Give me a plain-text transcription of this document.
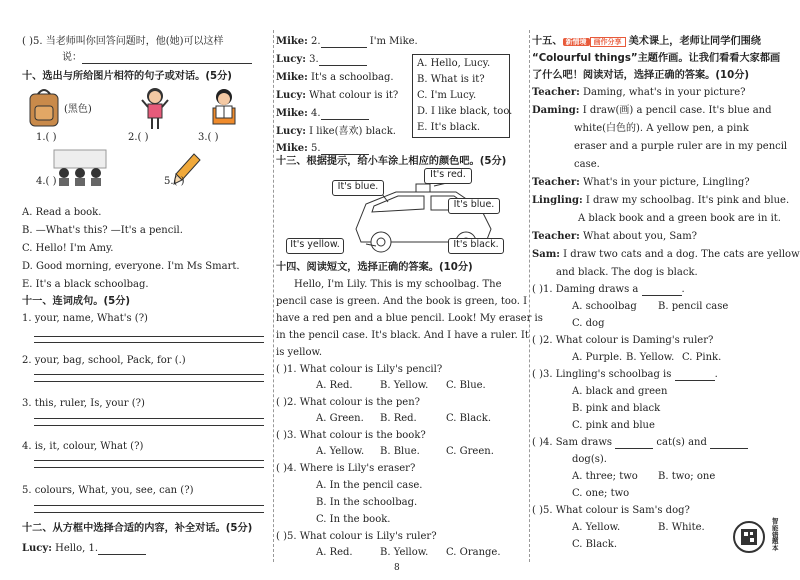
( )5. 当老师叫你回答问题时，他(她)可以这样
说：
十、选出与所给图片相符的句子或对话。(5分)
(黑色)
1.( )	2.( )	3.( )
4.( )	5.( )
A. Read a book.
B. —What's this? —It's a pencil.
C. Hello! I'm Amy.
D. Good morning, everyone. I'm Ms Smart.
E. It's a black schoolbag.
十一、连词成句。(5分)
1. your, name, What's (?)
2. your, bag, school, Pack, for (.)
3. this, ruler, Is, your (?)
4. is, it, colour, What (?)
5. colours, What, you, see, can (?)
十二、从方框中选择合适的内容，补全对话。(5分)
Lucy: Hello, 1.
Mike: 2.	I'm Mike.
Lucy: 3.
Mike: It's a schoolbag.
Lucy: What colour is it?
Mike: 4.
Lucy: I like(喜欢) black.
Mike: 5.
A. Hello, Lucy.
B. What is it?
C. I'm Lucy.
D. I like black, too.
E. It's black.
十三、根据提示，给小车涂上相应的颜色吧。(5分)
It's blue.
It's red.
It's blue.
It's yellow.	It's black.
十四、阅读短文，选择正确的答案。(10分)
Hello, I'm Lily. This is my schoolbag. The
pencil case is green. And the book is green, too. I
have a red pen and a blue pencil. Look! My eraser is
in the pencil case. It's black. And I have a ruler. It
is yellow.
( )1. What colour is Lily's pencil?
A. Red.	B. Yellow. C. Blue.
( )2. What colour is the pen?
A. Green. B. Red.	C. Black.
( )3. What colour is the book?
A. Yellow. B. Blue.	C. Green.
( )4. Where is Lily's eraser?
A. In the pencil case.
B. In the schoolbag.
C. In the book.
( )5. What colour is Lily's ruler?
A. Red.	B. Yellow. C. Orange.
十五、 新情境 画作分享 美术课上，老师让同学们围绕
“Colourful things”主题作画。让我们看看大家都画
了什么吧！阅读对话，选择正确的答案。(10分)
Teacher: Daming, what's in your picture?
Daming: I draw(画) a pencil case. It's blue and
white(白色的). A yellow pen, a pink
eraser and a purple ruler are in my pencil
case.
Teacher: What's in your picture, Lingling?
Lingling: I draw my schoolbag. It's pink and blue.
A black book and a green book are in it.
Teacher: What about you, Sam?
Sam: I draw two cats and a dog. The cats are yellow
and black. The dog is black.
( )1. Daming draws a	.
A. schoolbag B. pencil case
C. dog
( )2. What colour is Daming's ruler?
A. Purple. B. Yellow. C. Pink.
( )3. Lingling's schoolbag is	.
A. black and green
B. pink and black
C. pink and blue
( )4. Sam draws	cat(s) and
dog(s).
A. three; two B. two; one
C. one; two
( )5. What colour is Sam's dog?
A. Yellow.	B. White.
C. Black.
智能错题本
8
